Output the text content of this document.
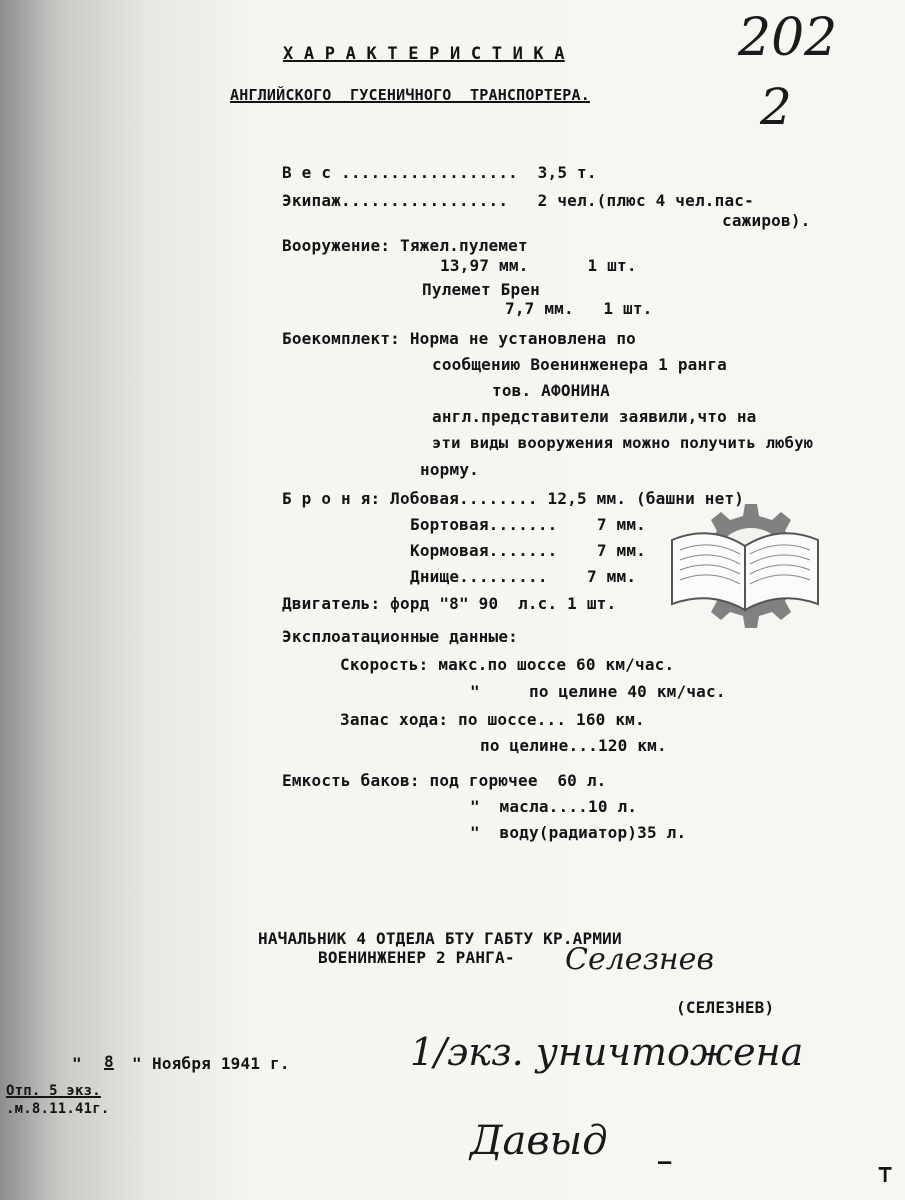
Х А Р А К Т Е Р И С Т И К А
АНГЛИЙСКОГО  ГУСЕНИЧНОГО  ТРАНСПОРТЕРА.
202
2
В е с ..................  3,5 т.
Экипаж.................   2 чел.(плюс 4 чел.пас-
сажиров).
Вооружение: Тяжел.пулемет
13,97 мм.      1 шт.
Пулемет Брен
7,7 мм.   1 шт.
Боекомплект: Норма не установлена по
сообщению Военинженера 1 ранга
тов. АФОНИНА
англ.представители заявили,что на
эти виды вооружения можно получить любую
норму.
Б р о н я: Лобовая........ 12,5 мм. (башни нет)
Бортовая.......    7 мм.
Кормовая.......    7 мм.
Днище.........    7 мм.
Двигатель: форд "8" 90  л.с. 1 шт.
Эксплоатационные данные:
Скорость: макс.по шоссе 60 км/час.
"     по целине 40 км/час.
Запас хода: по шоссе... 160 км.
по целине...120 км.
Емкость баков: под горючее  60 л.
"  масла....10 л.
"  воду(радиатор)35 л.
НАЧАЛЬНИК 4 ОТДЕЛА БТУ ГАБТУ КР.АРМИИ
ВОЕНИНЖЕНЕР 2 РАНГА- Селезнев
(СЕЛЕЗНЕВ)
" 8 " Ноября 1941 г.
Отп. 5 экз.
.м.8.11.41г.
1/экз. уничтожена
Давыд —	⊤
